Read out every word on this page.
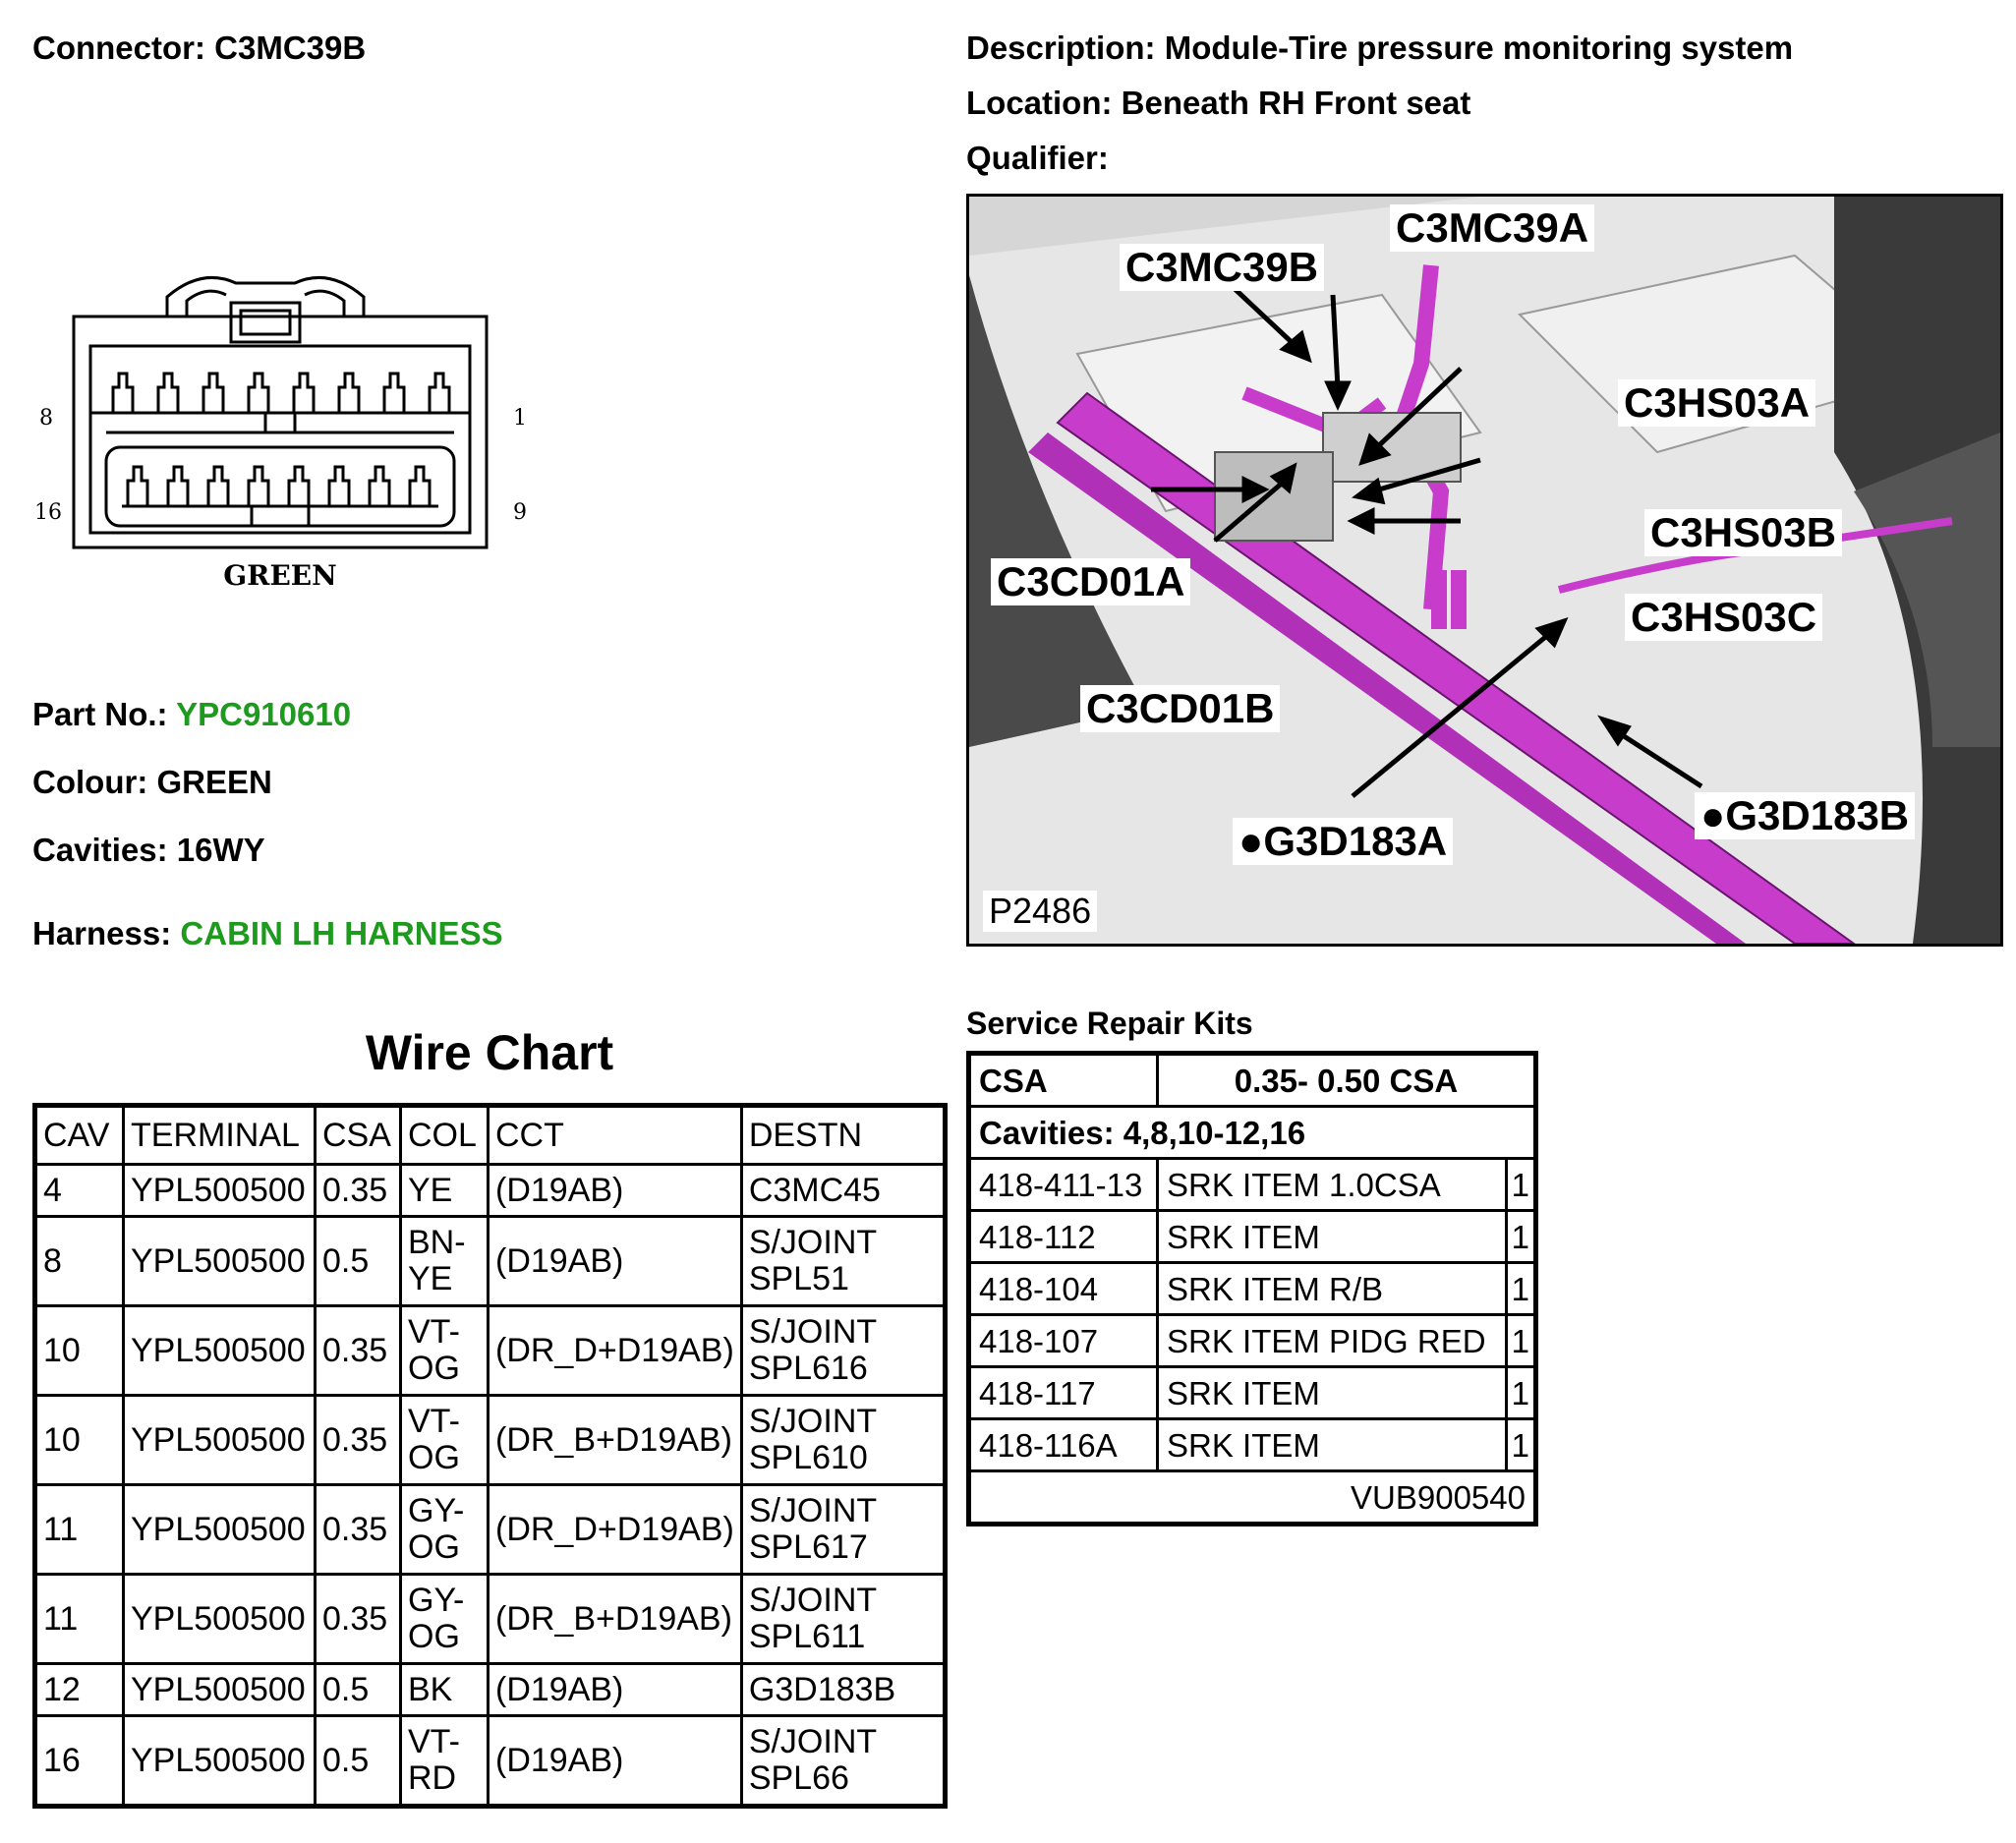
Connector: C3MC39B	Description: Module-Tire pressure monitoring system
Location: Beneath RH Front seat
Qualifier:
8	1
16	9
GREEN
Part No.: YPC910610
Colour: GREEN
Cavities: 16WY
Harness: CABIN LH HARNESS
C3MC39A
C3MC39B
C3HS03A
C3HS03B
C3HS03C
C3CD01A
C3CD01B
●G3D183A
●G3D183B
P2486
Wire Chart
CAV	TERMINAL	CSA	COL	CCT	DESTN

4	YPL500500	0.35	YE	(D19AB)	C3MC45

8	YPL500500	0.5	BN-
YE	(D19AB)	S/JOINT
SPL51

10	YPL500500	0.35	VT-
OG	(DR_D+D19AB)	S/JOINT
SPL616

10	YPL500500	0.35	VT-
OG	(DR_B+D19AB)	S/JOINT
SPL610

11	YPL500500	0.35	GY-
OG	(DR_D+D19AB)	S/JOINT
SPL617

11	YPL500500	0.35	GY-
OG	(DR_B+D19AB)	S/JOINT
SPL611

12	YPL500500	0.5	BK	(D19AB)	G3D183B

16	YPL500500	0.5	VT-
RD	(D19AB)	S/JOINT
SPL66
Service Repair Kits
CSA	0.35- 0.50 CSA	
Cavities: 4,8,10-12,16		
418-411-13	SRK ITEM 1.0CSA	1
418-112	SRK ITEM	1
418-104	SRK ITEM R/B	1
418-107	SRK ITEM PIDG RED	1
418-117	SRK ITEM	1
418-116A	SRK ITEM	1
VUB900540		
